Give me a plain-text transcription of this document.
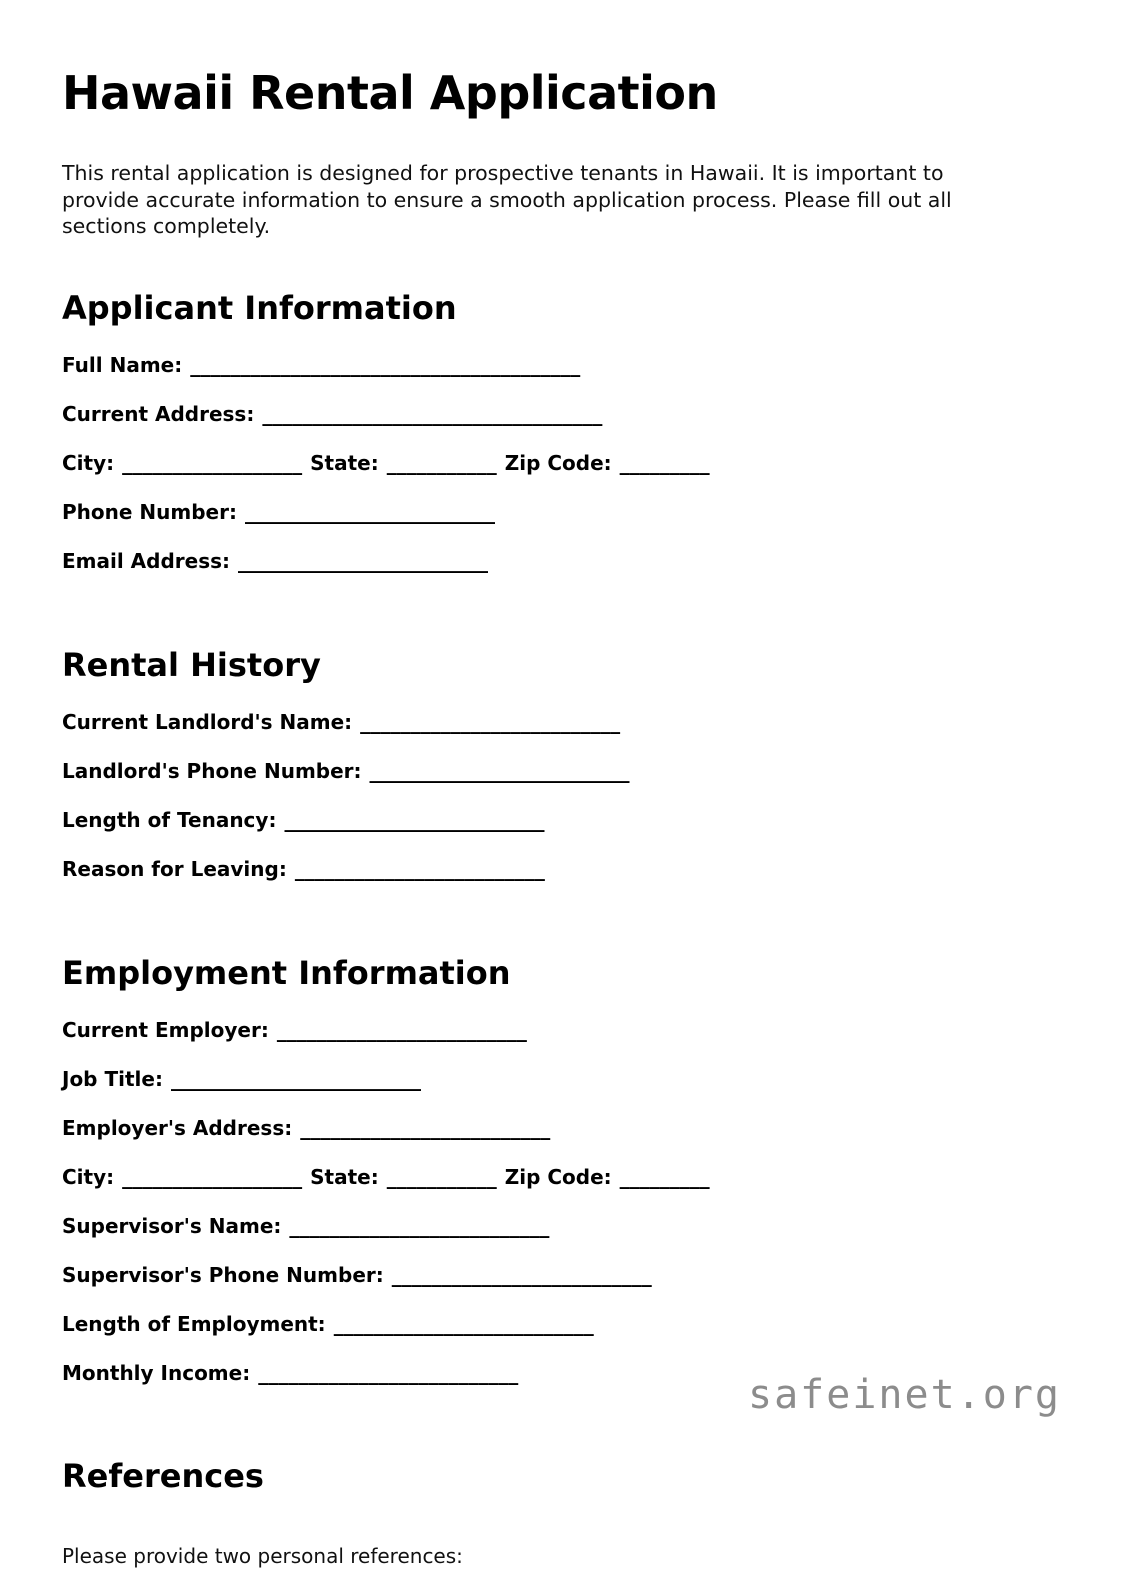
Hawaii Rental Application

This rental application is designed for prospective tenants in Hawaii. It is important to provide accurate information to ensure a smooth application process. Please fill out all sections completely.

Applicant Information
Full Name: _______________________________________
Current Address: __________________________________
City: __________________ State: ___________ Zip Code: _________
Phone Number: _________________________
Email Address: _________________________
Rental History
Current Landlord's Name: __________________________
Landlord's Phone Number: __________________________
Length of Tenancy: __________________________
Reason for Leaving: _________________________
Employment Information
Current Employer: _________________________
Job Title: _________________________
Employer's Address: _________________________
City: __________________ State: ___________ Zip Code: _________
Supervisor's Name: __________________________
Supervisor's Phone Number: __________________________
Length of Employment: __________________________
Monthly Income: __________________________
References

Please provide two personal references:

safeinet.org
